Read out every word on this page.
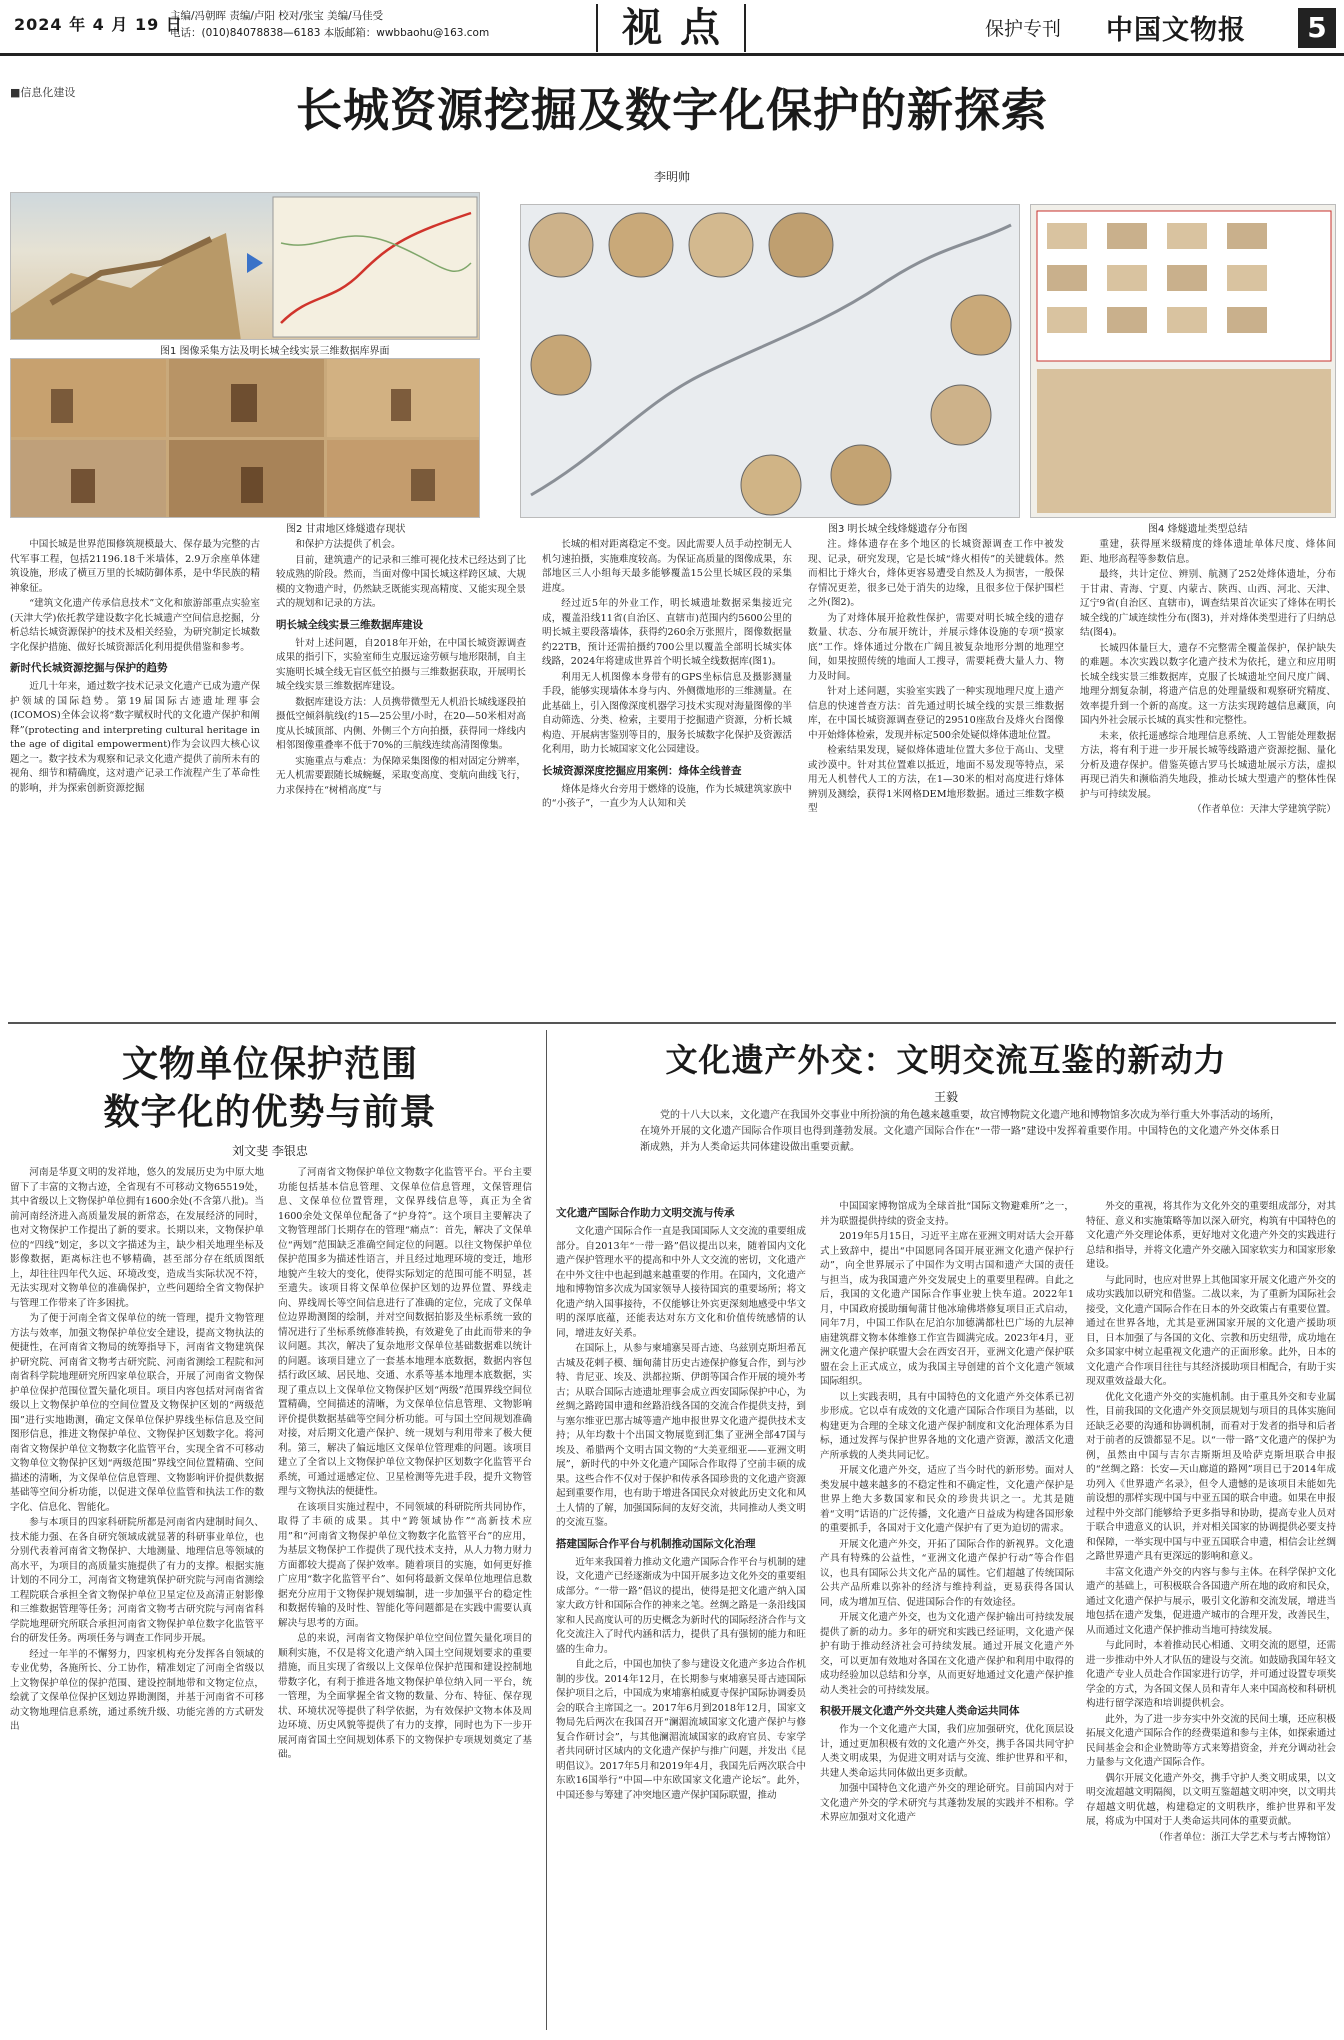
2024 年 4 月 19 日
主编/冯朝晖 责编/卢阳 校对/张宝 美编/马佳受
电话：(010)84078838—6183 本版邮箱：wwbbaohu@163.com	视点	保护专刊 中国文物报	5
■信息化建设	长城资源挖掘及数字化保护的新探索
李明帅
图1 图像采集方法及明长城全线实景三维数据库界面
图2 甘肃地区烽燧遗存现状	图3 明长城全线烽燧遗存分布图	图4 烽燧遗址类型总结

中国长城是世界范围修筑规模最大、保存最为完整的古代军事工程，包括21196.18千米墙体，2.9万余座单体建筑设施，形成了横亘万里的长城防御体系，是中华民族的精神象征。

“建筑文化遗产传承信息技术”文化和旅游部重点实验室(天津大学)依托教学建设数字化长城遗产空间信息挖掘，分析总结长城资源保护的技术及相关经验，为研究制定长城数字化保护措施、做好长城资源活化利用提供借鉴和参考。

新时代长城资源挖掘与保护的趋势

近几十年来，通过数字技术记录文化遗产已成为遗产保护领域的国际趋势。第19届国际古迹遗址理事会(ICOMOS)全体会议将“数字赋权时代的文化遗产保护和阐释”(protecting and interpreting cultural heritage in the age of digital empowerment)作为会议四大核心议题之一。数字技术为观察和记录文化遗产提供了前所未有的视角、细节和精确度，这对遗产记录工作流程产生了革命性的影响，并为探索创新资源挖掘

和保护方法提供了机会。

目前，建筑遗产的记录和三维可视化技术已经达到了比较成熟的阶段。然而，当面对像中国长城这样跨区域、大规模的文物遗产时，仍然缺乏既能实现高精度、又能实现全景式的规划和记录的方法。

明长城全线实景三维数据库建设

针对上述问题，自2018年开始，在中国长城资源调查成果的指引下，实验室师生克服远途劳顿与地形限制，自主实施明长城全线无盲区低空拍摄与三维数据获取，开展明长城全线实景三维数据库建设。

数据库建设方法：人员携带微型无人机沿长城线逐段拍摄低空倾斜航线(约15—25公里/小时，在20—50米相对高度从长城顶部、内侧、外侧三个方向拍摄，获得同一烽线内相邻图像重叠率不低于70%的三航线连续高清图像集。

实施重点与难点：为保障采集图像的相对固定分辨率，无人机需要跟随长城蜿蜒，采取变高度、变航向曲线飞行，力求保持在“树梢高度”与

长城的相对距离稳定不变。因此需要人员手动控制无人机匀速拍摄，实施难度较高。为保证高质量的图像成果，东部地区三人小组每天最多能够覆盖15公里长城区段的采集进度。

经过近5年的外业工作，明长城遗址数据采集接近完成，覆盖沿线11省(自治区、直辖市)范围内约5600公里的明长城主要段落墙体，获得约260余万张照片，图像数据量约22TB，预计还需拍摄约700公里以覆盖全部明长城实体线路，2024年将建成世界首个明长城全线数据库(图1)。

利用无人机图像本身带有的GPS坐标信息及摄影测量手段，能够实现墙体本身与内、外侧微地形的三维测量。在此基础上，引入图像深度机器学习技术实现对海量图像的半自动筛选、分类、检索，主要用于挖掘遗产资源，分析长城构造、开展病害鉴别等目的，服务长城数字化保护及资源活化利用，助力长城国家文化公园建设。

长城资源深度挖掘应用案例：烽体全线普查

烽体是烽火台旁用于燃烽的设施，作为长城建筑家族中的“小孩子”，一直少为人认知和关

注。烽体遗存在多个地区的长城资源调查工作中被发现、记录，研究发现，它是长城“烽火相传”的关键载体。然而相比于烽火台，烽体更容易遭受自然及人为损害，一般保存情况更差，很多已处于消失的边缘，且很多位于保护围栏之外(图2)。

为了对烽体展开抢救性保护，需要对明长城全线的遗存数量、状态、分布展开统计，并展示烽体设施的专项“摸家底”工作。烽体通过分散在广阔且被复杂地形分割的地理空间，如果按照传统的地面人工搜寻，需要耗费大量人力、物力及时间。

针对上述问题，实验室实践了一种实现地理尺度上遗产信息的快速普查方法：首先通过明长城全线的实景三维数据库，在中国长城资源调查登记的29510座敌台及烽火台图像中开始烽体检索，发现并标定500余处疑似烽体遗址位置。

检索结果发现，疑似烽体遗址位置大多位于高山、戈壁或沙漠中。针对其位置难以抵近，地面不易发现等特点，采用无人机替代人工的方法，在1—30米的相对高度进行烽体辨别及测绘，获得1米网格DEM地形数据。通过三维数字模型

重建，获得厘米级精度的烽体遗址单体尺度、烽体间距、地形高程等参数信息。

最终，共计定位、辨别、航测了252处烽体遗址，分布于甘肃、青海、宁夏、内蒙古、陕西、山西、河北、天津、辽宁9省(自治区、直辖市)，调查结果首次证实了烽体在明长城全线的广域连续性分布(图3)，并对烽体类型进行了归纳总结(图4)。

长城四体量巨大，遗存不完整需全覆盖保护，保护缺失的难题。本次实践以数字化遗产技术为依托，建立和应用明长城全线实景三维数据库，克服了长城遗址空间尺度广阔、地理分割复杂制，将遗产信息的处理量级和观察研究精度、效率提升到一个新的高度。这一方法实现跨越信息藏顶，向国内外社会展示长城的真实性和完整性。

未来，依托遥感综合地理信息系统、人工智能处理数据方法，将有利于进一步开展长城等线路遗产资源挖掘、量化分析及遗存保护。借鉴英德古罗马长城遗址展示方法，虚拟再现已消失和濒临消失地段，推动长城大型遗产的整体性保护与可持续发展。

（作者单位：天津大学建筑学院）

文物单位保护范围
数字化的优势与前景
刘文斐 李银忠

河南是华夏文明的发祥地，悠久的发展历史为中原大地留下了丰富的文物古迹，全省现有不可移动文物65519处，其中省级以上文物保护单位拥有1600余处(不含第八批)。当前河南经济进入高质量发展的新常态，在发展经济的同时，也对文物保护工作提出了新的要求。长期以来，文物保护单位的“四线”划定，多以文字描述为主，缺少相关地理坐标及影像数据，距离标注也不够精确，甚至部分存在纸质图纸上，却往往四年代久远、环境改变，造成当实际状况不符，无法实现对文物单位的准确保护，立些问题给全省文物保护与管理工作带来了许多困扰。

为了便于河南全省文保单位的统一管理，提升文物管理方法与效率，加强文物保护单位安全建设，提高文物执法的便捷性，在河南省文物局的统筹指导下，河南省文物建筑保护研究院、河南省文物考古研究院、河南省测绘工程院和河南省科学院地理研究所四家单位联合，开展了河南省文物保护单位保护范围位置矢量化项目。项目内容包括对河南省省级以上文物保护单位的空间位置及文物保护区划的“两级范围”进行实地勘测，确定文保单位保护界线坐标信息及空间图形信息，推进文物保护单位、文物保护区划数字化。将河南省文物保护单位文物数字化监管平台，实现全省不可移动文物单位文物保护区划“两级范围”界线空间位置精确、空间描述的清晰，为文保单位信息管理、文物影响评价提供数据基础等空间分析功能，以促进文保单位监管和执法工作的数字化、信息化、智能化。

参与本项目的四家科研院所都是河南省内建制时间久、技术能力强、在各自研究领域成就显著的科研事业单位，也分别代表着河南省文物保护、大地测量、地理信息等领域的高水平，为项目的高质量实施提供了有力的支撑。根据实施计划的不同分工，河南省文物建筑保护研究院与河南省测绘工程院联合承担全省文物保护单位卫星定位及高清正射影像和三维数据管理等任务；河南省文物考古研究院与河南省科学院地理研究所联合承担河南省文物保护单位数字化监管平台的研发任务。两项任务与调查工作同步开展。

经过一年半的不懈努力，四家机构充分发挥各自领域的专业优势，各施所长、分工协作，精准划定了河南全省级以上文物保护单位的保护范围、建设控制地带和文物定位点，绘就了文保单位保护区划边界勘测图，并基于河南省不可移动文物地理信息系统，通过系统升级、功能完善的方式研发出

了河南省文物保护单位文物数字化监管平台。平台主要功能包括基本信息管理、文保单位信息管理，文保管理信息、文保单位位置管理，文保界线信息等，真正为全省1600余处文保单位配备了“护身符”。这个项目主要解决了文物管理部门长期存在的管理“痛点”：首先，解决了文保单位“两划”范围缺乏准确空间定位的问题。以往文物保护单位保护范围多为描述性语言，并且经过地理环境的变迁，地形地貌产生较大的变化，使得实际划定的范围可能不明显，甚至遗失。该项目将文保单位保护区划的边界位置、界线走向、界线周长等空间信息进行了准确的定位，完成了文保单位边界勘测图的绘制，并对空间数据拍影及坐标系统一致的情况进行了坐标系统修准转换，有效避免了由此而带来的争议问题。其次，解决了复杂地形文保单位基础数据难以统计的问题。该项目建立了一套基本地理本底数据，数据内容包括行政区域、居民地、交通、水系等基本地理本底数据，实现了重点以上文保单位文物保护区划“两级”范围界线空间位置精确，空间描述的清晰，为文保单位信息管理、文物影响评价提供数据基础等空间分析功能。可与国土空间规划准确对接，对后期文化遗产保护、统一规划与利用带来了极大便利。第三，解决了偏远地区文保单位管理难的问题。该项目建立了全省以上文物保护单位文物保护区划数字化监管平台系统，可通过遥感定位、卫星检测等先进手段，提升文物管理与文物执法的便捷性。

在该项目实施过程中，不同领域的科研院所共同协作，取得了丰硕的成果。其中“跨领域协作”“高新技术应用”和“河南省文物保护单位文物数字化监管平台”的应用，为基层文物保护工作提供了现代技术支持，从人力物力财力方面都较大提高了保护效率。随着项目的实施，如何更好推广应用“数字化监管平台”、如何将最新文保单位地理信息数据充分应用于文物保护规划编制，进一步加强平台的稳定性和数据传输的及时性、智能化等问题都是在实践中需要认真解决与思考的方面。

总的来说，河南省文物保护单位空间位置矢量化项目的顺利实施，不仅是将文化遗产纳入国土空间规划要求的重要措施，而且实现了省级以上文保单位保护范围和建设控制地带数字化，有利于推进各地文物保护单位纳入同一平台，统一管理，为全面掌握全省文物的数量、分布、特征、保存现状、环境状况等提供了科学依据，为有效保护文物本体及周边环境、历史风貌等提供了有力的支撑，同时也为下一步开展河南省国土空间规划体系下的文物保护专项规划奠定了基础。

文化遗产外交：文明交流互鉴的新动力
王毅

党的十八大以来，文化遗产在我国外交事业中所扮演的角色越来越重要，故宫博物院文化遗产地和博物馆多次成为举行重大外事活动的场所，在境外开展的文化遗产国际合作项目也得到蓬勃发展。文化遗产国际合作在“一带一路”建设中发挥着重要作用。中国特色的文化遗产外交体系日渐成熟，并为人类命运共同体建设做出重要贡献。

文化遗产国际合作助力文明交流与传承

文化遗产国际合作一直是我国国际人文交流的重要组成部分。自2013年“一带一路”倡议提出以来，随着国内文化遗产保护管理水平的提高和中外人文交流的密切，文化遗产在中外文往中也起到越来越重要的作用。在国内，文化遗产地和博物馆多次成为国家领导人接待国宾的重要场所；将文化遗产纳入国事接待，不仅能够让外宾更深刻地感受中华文明的深厚底蕴，还能表达对东方文化和价值传统感情的认同，增进友好关系。

在国际上，从参与柬埔寨吴哥古迹、乌兹别克斯坦希瓦古城及花剌子模、缅甸蒲甘历史古迹保护修复合作，到与沙特、肯尼亚、埃及、洪都拉斯、伊朗等国合作开展的境外考古；从联合国际古迹遗址理事会成立西安国际保护中心，为丝绸之路跨国申遗和丝路沿线各国的交流合作提供支持，到与塞尔维亚巴那古城等遗产地申报世界文化遗产提供技术支持；从年均数十个出国文物展览到汇集了亚洲全部47国与埃及、希腊两个文明古国文物的“大美亚细亚——亚洲文明展”，新时代的中外文化遗产国际合作取得了空前丰硕的成果。这些合作不仅对于保护和传承各国珍贵的文化遗产资源起到重要作用，也有助于增进各国民众对彼此历史文化和风土人情的了解，加强国际间的友好交流，共同推动人类文明的交流互鉴。

搭建国际合作平台与机制推动国际文化治理

近年来我国着力推动文化遗产国际合作平台与机制的建设，文化遗产已经逐渐成为中国开展多边文化外交的重要组成部分。“一带一路”倡议的提出，使得是把文化遗产纳入国家大政方针和国际合作的神来之笔。丝绸之路是一条沿线国家和人民高度认可的历史概念为新时代的国际经济合作与文化交流注入了时代内涵和活力，提供了具有强韧的能力和旺盛的生命力。

自此之后，中国也加快了参与建设文化遗产多边合作机制的步伐。2014年12月，在长期参与柬埔寨吴哥古迹国际保护项目之后，中国成为柬埔寨柏威夏寺保护国际协调委员会的联合主席国之一。2017年6月到2018年12月，国家文物局先后两次在我国召开“澜湄流域国家文化遗产保护与修复合作研讨会”，与其他澜湄流域国家的政府官员、专家学者共同研讨区域内的文化遗产保护与推广问题，并发出《昆明倡议》。2017年5月和2019年4月，我国先后两次联合中东欧16国举行“中国—中东欧国家文化遗产论坛”。此外，中国还参与筹建了冲突地区遗产保护国际联盟，推动

中国国家博物馆成为全球首批“国际文物避难所”之一，并为联盟提供持续的资金支持。

2019年5月15日，习近平主席在亚洲文明对话大会开幕式上致辞中，提出“中国愿同各国开展亚洲文化遗产保护行动”，向全世界展示了中国作为文明古国和遗产大国的责任与担当，成为我国遗产外交发展史上的重要里程碑。自此之后，我国的文化遗产国际合作事业驶上快车道。2022年1月，中国政府援助缅甸蒲甘他冰瑜佛塔修复项目正式启动，同年7月，中国工作队在尼泊尔加德满都杜巴广场的九层神庙建筑群文物本体维修工作宣告圆满完成。2023年4月，亚洲文化遗产保护联盟大会在西安召开，亚洲文化遗产保护联盟在会上正式成立，成为我国主导创建的首个文化遗产领域国际组织。

以上实践表明，具有中国特色的文化遗产外交体系已初步形成。它以卓有成效的文化遗产国际合作项目为基础，以构建更为合理的全球文化遗产保护制度和文化治理体系为目标，通过发挥与保护世界各地的文化遗产资源，激活文化遗产所承载的人类共同记忆。

开展文化遗产外交，适应了当今时代的新形势。面对人类发展中越来越多的不稳定性和不确定性，文化遗产保护是世界上绝大多数国家和民众的珍贵共识之一。尤其是随着“文明”话语的广泛传播，文化遗产日益成为构建各国形象的重要抓手，各国对于文化遗产保护有了更为迫切的需求。

开展文化遗产外交，开拓了国际合作的新视界。文化遗产具有特殊的公益性，“亚洲文化遗产保护行动”等合作倡议，也具有国际公共文化产品的属性。它们超越了传统国际公共产品所难以弥补的经济与维持利益，更易获得各国认同，成为增加互信、促进国际合作的有效途径。

开展文化遗产外交，也为文化遗产保护输出可持续发展提供了新的动力。多年的研究和实践已经证明，文化遗产保护有助于推动经济社会可持续发展。通过开展文化遗产外交，可以更加有效地对各国在文化遗产保护和利用中取得的成功经验加以总结和分享，从而更好地通过文化遗产保护推动人类社会的可持续发展。

积极开展文化遗产外交共建人类命运共同体

作为一个文化遗产大国，我们应加强研究，优化顶层设计，通过更加积极有效的文化遗产外交，携手各国共同守护人类文明成果，为促进文明对话与交流、维护世界和平和，共建人类命运共同体做出更多贡献。

加强中国特色文化遗产外交的理论研究。目前国内对于文化遗产外交的学术研究与其蓬勃发展的实践并不相称。学术界应加强对文化遗产

外交的重视，将其作为文化外交的重要组成部分，对其特征、意义和实施策略等加以深入研究，构筑有中国特色的文化遗产外交理论体系，更好地对文化遗产外交的实践进行总结和指导，并将文化遗产外交融入国家软实力和国家形象建设。

与此同时，也应对世界上其他国家开展文化遗产外交的成功实践加以研究和借鉴。二战以来，为了重新为国际社会接受，文化遗产国际合作在日本的外交政策占有重要位置。通过在世界各地，尤其是亚洲国家开展的文化遗产援助项目，日本加强了与各国的文化、宗教和历史纽带，成功地在众多国家中树立起重视文化遗产的正面形象。此外，日本的文化遗产合作项目往往与其经济援助项目相配合，有助于实现双重效益最大化。

优化文化遗产外交的实施机制。由于重具外交和专业属性，目前我国的文化遗产外交顶层规划与项目的具体实施间还缺乏必要的沟通和协调机制，而看对于发者的指导和后者对于前者的反馈都显不足。以“一带一路”文化遗产的保护为例，虽然由中国与吉尔吉斯斯坦及哈萨克斯坦联合申报的“丝绸之路：长安—天山廊道的路网”项目已于2014年成功列入《世界遗产名录》，但令人遗憾的是该项目未能如先前设想的那样实现中国与中亚五国的联合申遗。如果在申报过程中外交部门能够给予更多指导和协助，提高专业人员对于联合申遗意义的认识，并对相关国家的协调提供必要支持和保障，一举实现中国与中亚五国联合申遗，相信会让丝绸之路世界遗产具有更深远的影响和意义。

丰富文化遗产外交的内容与参与主体。在科学保护文化遗产的基础上，可积极联合各国遗产所在地的政府和民众，通过文化遗产保护与展示，吸引文化游和交流发展，增进当地包括在遗产发集，促进遗产城市的合理开发，改善民生，从而通过文化遗产保护推动当地可持续发展。

与此同时，本着推动民心相通、文明交流的愿望，还需进一步推动中外人才队伍的建设与交流。如鼓励我国年轻文化遗产专业人员赴合作国家进行访学，并可通过设置专项奖学金的方式，为各国文保人员和青年人来中国高校和科研机构进行留学深造和培训提供机会。

此外，为了进一步夯实中外交流的民间土壤，还应积极拓展文化遗产国际合作的经费渠道和参与主体，如探索通过民间基金会和企业赞助等方式来筹措资金，并充分调动社会力量参与文化遗产国际合作。

偶尔开展文化遗产外交，携手守护人类文明成果，以文明交流超越文明隔阂，以文明互鉴超越文明冲突，以文明共存超越文明优越，构建稳定的文明秩序，维护世界和平发展，将成为中国对于人类命运共同体的重要贡献。

（作者单位：浙江大学艺术与考古博物馆）
